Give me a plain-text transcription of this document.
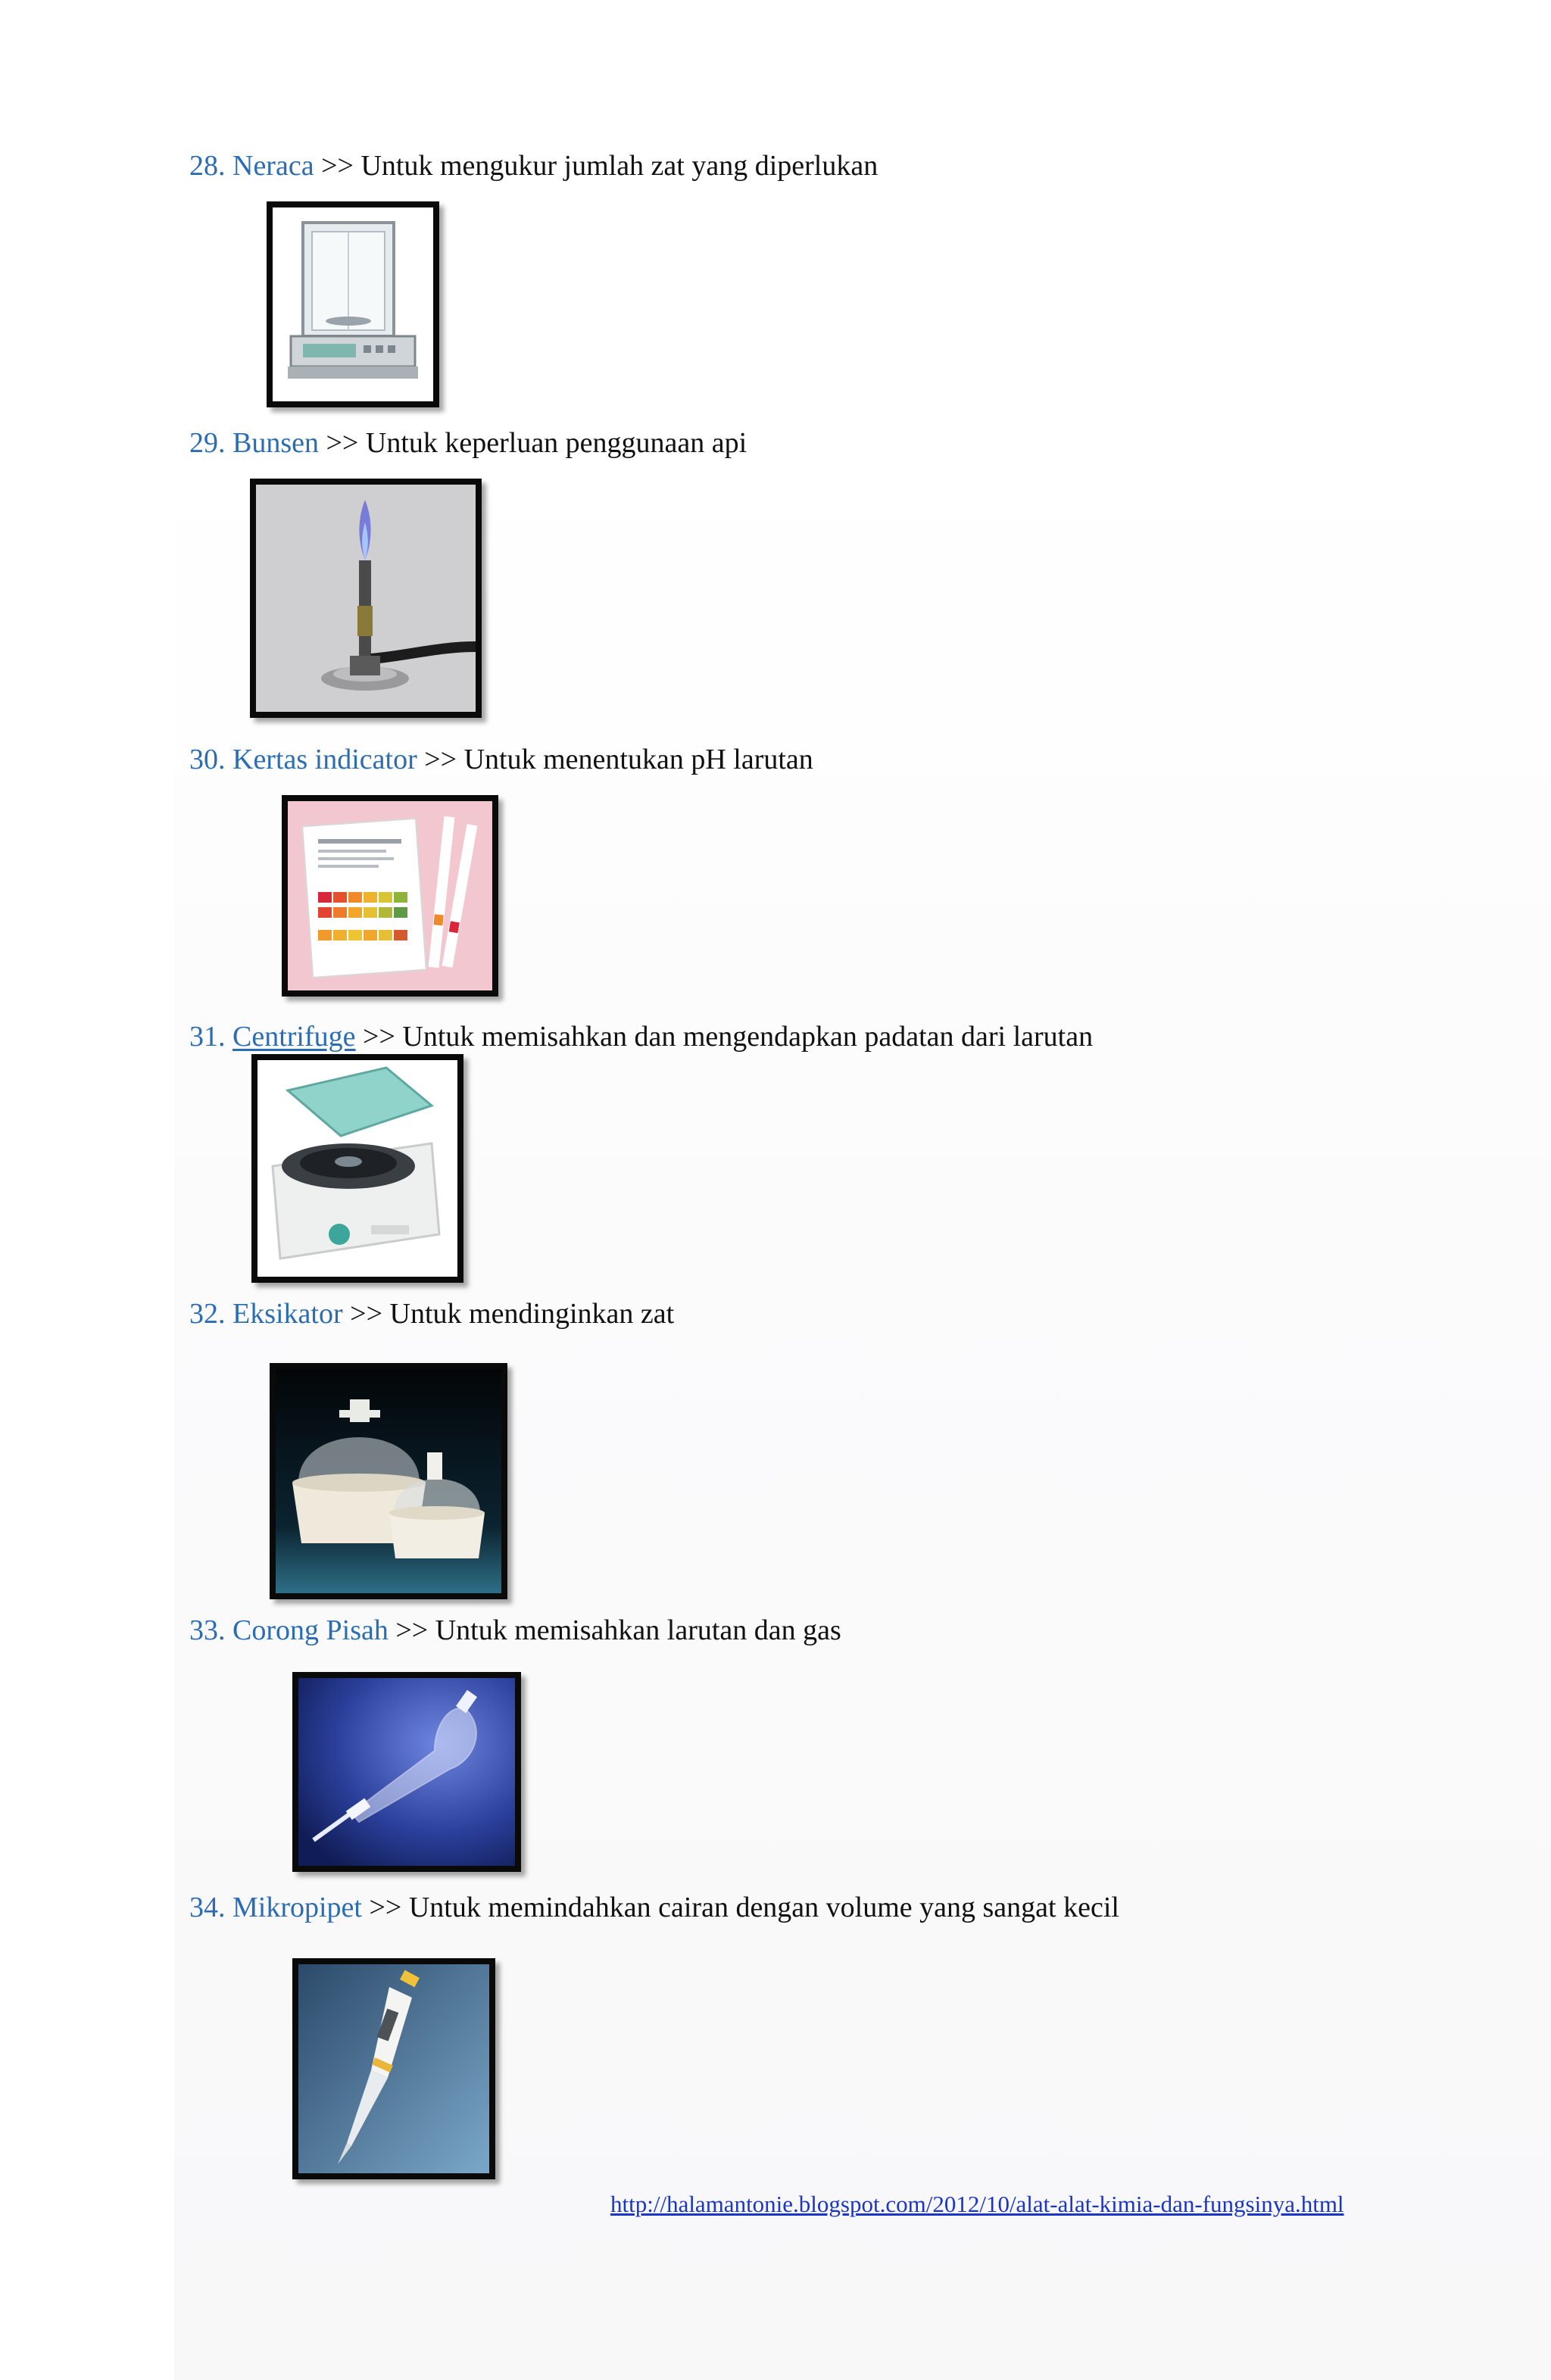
28. Neraca >> Untuk mengukur jumlah zat yang diperlukan
29. Bunsen >> Untuk keperluan penggunaan api
30. Kertas indicator >> Untuk menentukan pH larutan
31. Centrifuge >> Untuk memisahkan dan mengendapkan padatan dari larutan
32. Eksikator >> Untuk mendinginkan zat
33. Corong Pisah >> Untuk memisahkan larutan dan gas
34. Mikropipet >> Untuk memindahkan cairan dengan volume yang sangat kecil
http://halamantonie.blogspot.com/2012/10/alat-alat-kimia-dan-fungsinya.html
